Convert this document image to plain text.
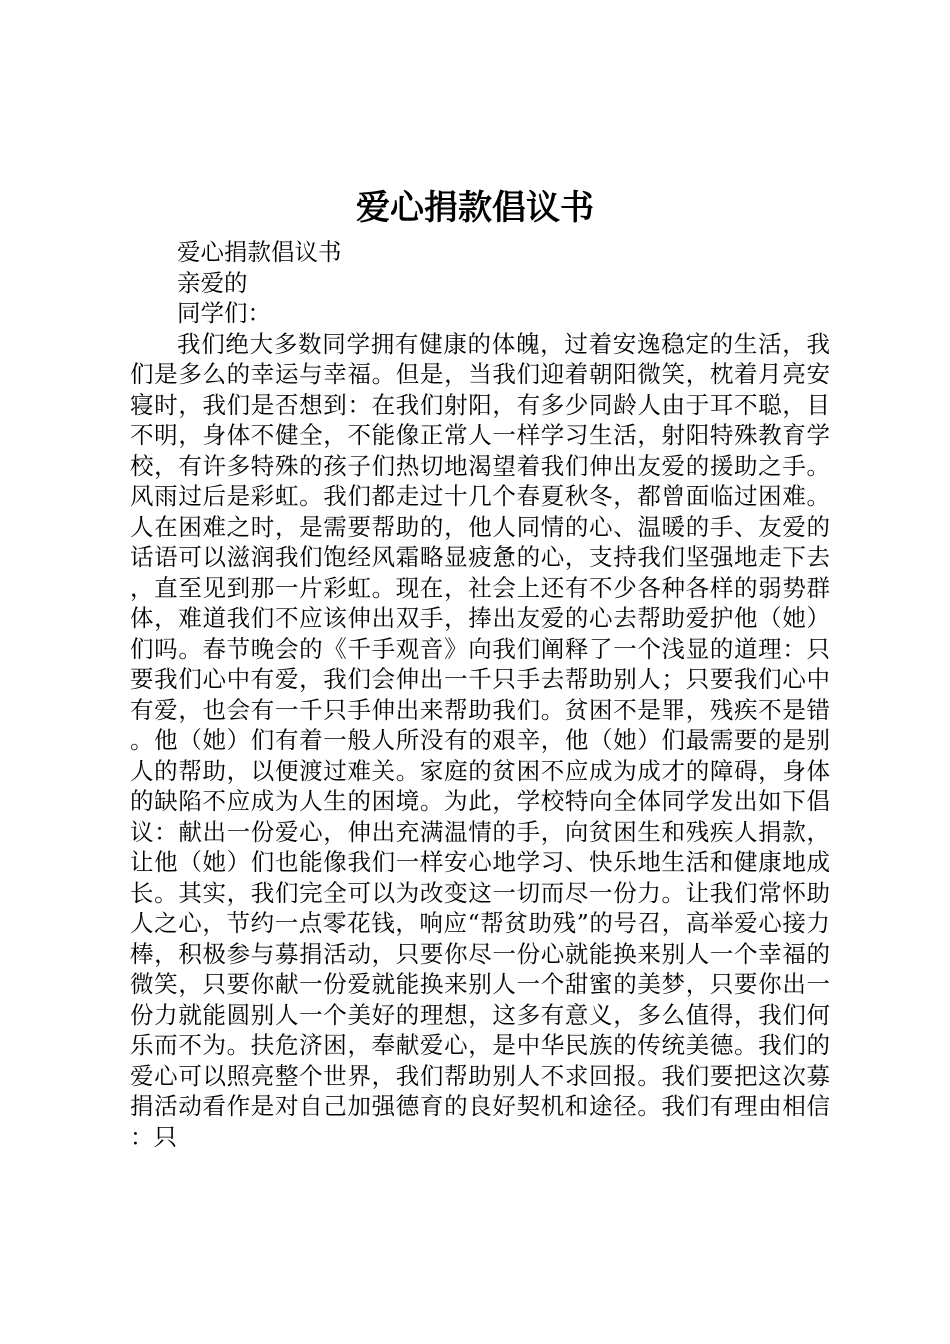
爱心捐款倡议书

爱心捐款倡议书

亲爱的

同学们：

我们绝大多数同学拥有健康的体魄，过着安逸稳定的生活，我们是多么的幸运与幸福。但是，当我们迎着朝阳微笑，枕着月亮安寝时，我们是否想到：在我们射阳，有多少同龄人由于耳不聪，目不明，身体不健全，不能像正常人一样学习生活，射阳特殊教育学校，有许多特殊的孩子们热切地渴望着我们伸出友爱的援助之手。风雨过后是彩虹。我们都走过十几个春夏秋冬，都曾面临过困难。人在困难之时，是需要帮助的，他人同情的心、温暖的手、友爱的话语可以滋润我们饱经风霜略显疲惫的心，支持我们坚强地走下去，直至见到那一片彩虹。现在，社会上还有不少各种各样的弱势群体，难道我们不应该伸出双手，捧出友爱的心去帮助爱护他（她）们吗。春节晚会的《千手观音》向我们阐释了一个浅显的道理：只要我们心中有爱，我们会伸出一千只手去帮助别人；只要我们心中有爱，也会有一千只手伸出来帮助我们。贫困不是罪，残疾不是错。他（她）们有着一般人所没有的艰辛，他（她）们最需要的是别人的帮助，以便渡过难关。家庭的贫困不应成为成才的障碍，身体的缺陷不应成为人生的困境。为此，学校特向全体同学发出如下倡议：献出一份爱心，伸出充满温情的手，向贫困生和残疾人捐款，让他（她）们也能像我们一样安心地学习、快乐地生活和健康地成长。其实，我们完全可以为改变这一切而尽一份力。让我们常怀助人之心，节约一点零花钱，响应“帮贫助残”的号召，高举爱心接力棒，积极参与募捐活动，只要你尽一份心就能换来别人一个幸福的微笑，只要你献一份爱就能换来别人一个甜蜜的美梦，只要你出一份力就能圆别人一个美好的理想，这多有意义，多么值得，我们何乐而不为。扶危济困，奉献爱心，是中华民族的传统美德。我们的爱心可以照亮整个世界，我们帮助别人不求回报。我们要把这次募捐活动看作是对自己加强德育的良好契机和途径。我们有理由相信：只
